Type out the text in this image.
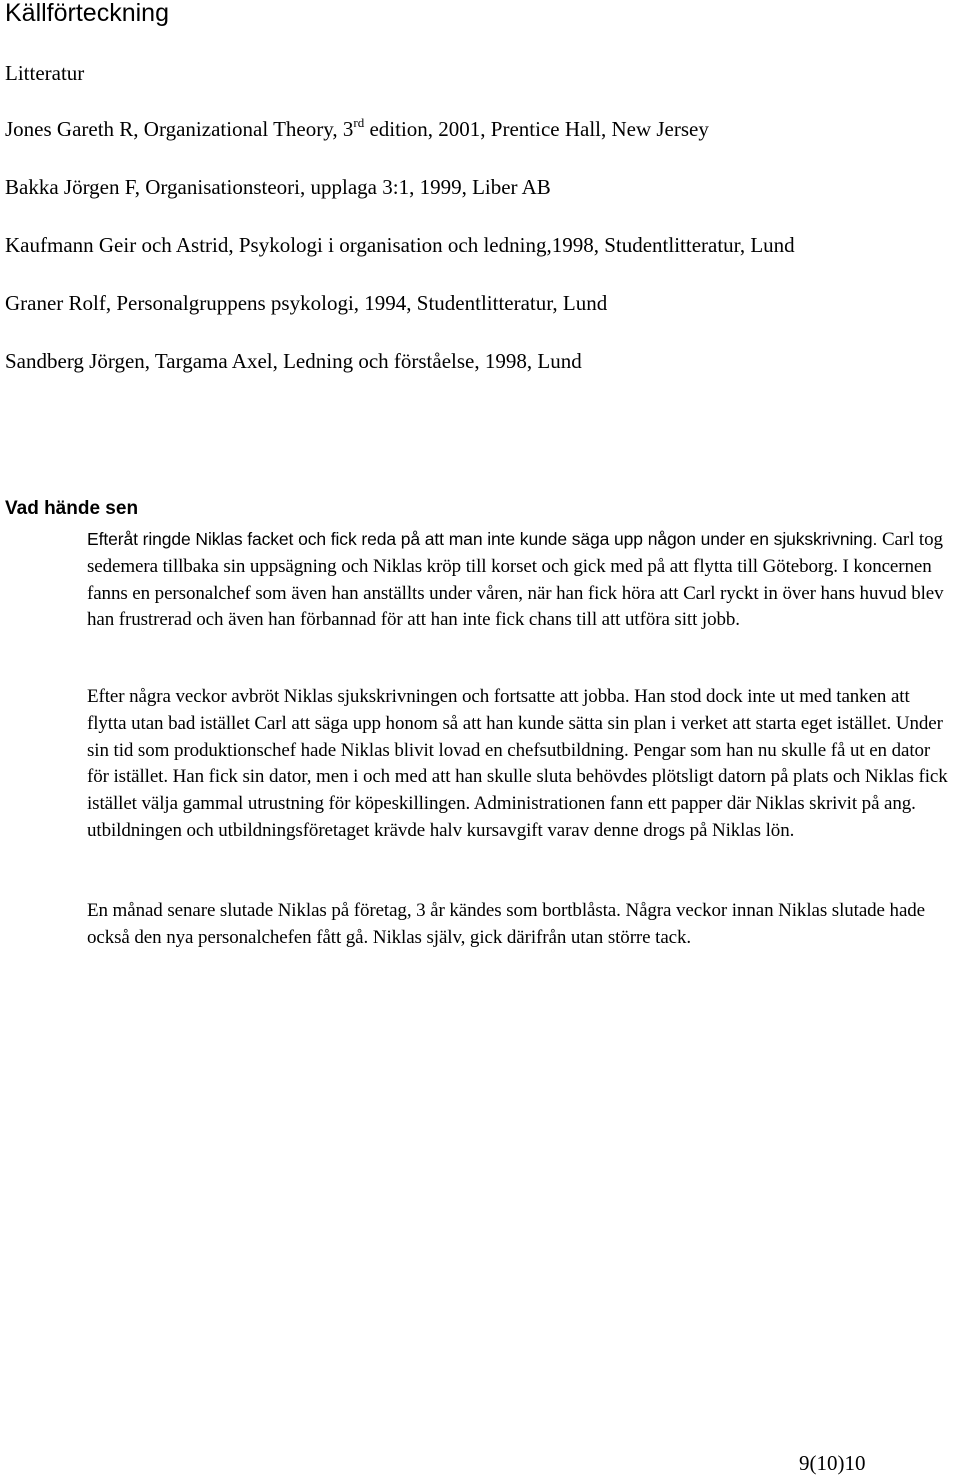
Källförteckning
Litteratur
Jones Gareth R, Organizational Theory, 3rd edition, 2001, Prentice Hall, New Jersey
Bakka Jörgen F, Organisationsteori, upplaga 3:1, 1999, Liber AB
Kaufmann Geir och Astrid, Psykologi i organisation och ledning,1998, Studentlitteratur, Lund
Graner Rolf, Personalgruppens psykologi, 1994, Studentlitteratur, Lund
Sandberg Jörgen, Targama Axel, Ledning och förståelse, 1998, Lund
Vad hände sen

Efteråt ringde Niklas facket och fick reda på att man inte kunde säga upp någon under en sjukskrivning. Carl tog sedemera tillbaka sin uppsägning och Niklas kröp till korset och gick med på att flytta till Göteborg. I koncernen fanns en personalchef som även han anställts under våren, när han fick höra att Carl ryckt in över hans huvud blev han frustrerad och även han förbannad för att han inte fick chans till att utföra sitt jobb.

Efter några veckor avbröt Niklas sjukskrivningen och fortsatte att jobba. Han stod dock inte ut med tanken att flytta utan bad istället Carl att säga upp honom så att han kunde sätta sin plan i verket att starta eget istället. Under sin tid som produktionschef hade Niklas blivit lovad en chefsutbildning. Pengar som han nu skulle få ut en dator för istället. Han fick sin dator, men i och med att han skulle sluta behövdes plötsligt datorn på plats och Niklas fick istället välja gammal utrustning för köpeskillingen. Administrationen fann ett papper där Niklas skrivit på ang. utbildningen och utbildningsföretaget krävde halv kursavgift varav denne drogs på Niklas lön.

En månad senare slutade Niklas på företag, 3 år kändes som bortblåsta. Några veckor innan Niklas slutade hade också den nya personalchefen fått gå. Niklas själv, gick därifrån utan större tack.

9(10)10
